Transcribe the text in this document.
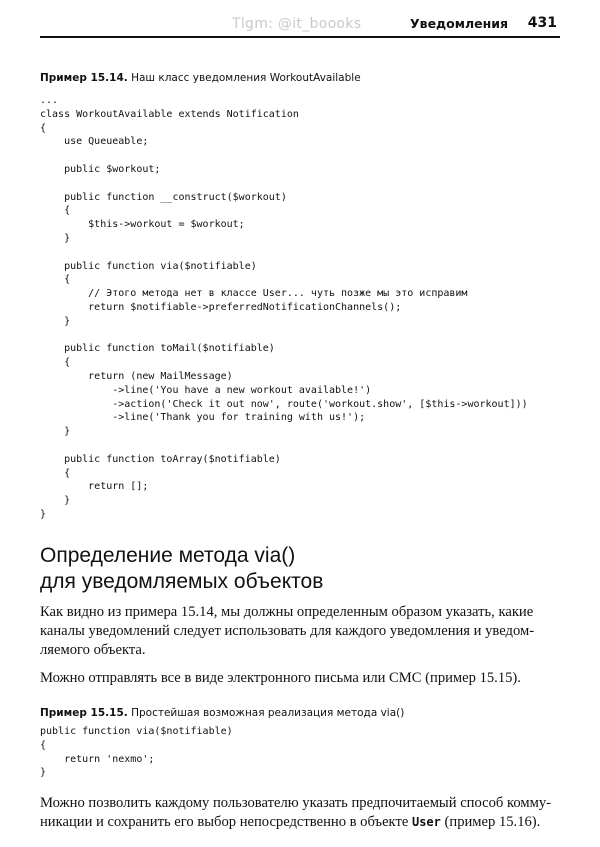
Tlgm: @it_boooks	Уведомления 431
Пример 15.14. Наш класс уведомления WorkoutAvailable
...
class WorkoutAvailable extends Notification
{
use Queueable;
public $workout;
public function __construct($workout)
{
$this->workout = $workout;
}
public function via($notifiable)
{
// Этого метода нет в классе User... чуть позже мы это исправим
return $notifiable->preferredNotificationChannels();
}
public function toMail($notifiable)
{
return (new MailMessage)
->line('You have a new workout available!')
->action('Check it out now', route('workout.show', [$this->workout]))
->line('Thank you for training with us!');
}
public function toArray($notifiable)
{
return [];
}
}
Определение метода via()
для уведомляемых объектов
Как видно из примера 15.14, мы должны определенным образом указать, какие
каналы уведомлений следует использовать для каждого уведомления и уведом-
ляемого объекта.
Можно отправлять все в виде электронного письма или СМС (пример 15.15).
Пример 15.15. Простейшая возможная реализация метода via()
public function via($notifiable)
{
return 'nexmo';
}
Можно позволить каждому пользователю указать предпочитаемый способ комму-
никации и сохранить его выбор непосредственно в объекте User (пример 15.16).
